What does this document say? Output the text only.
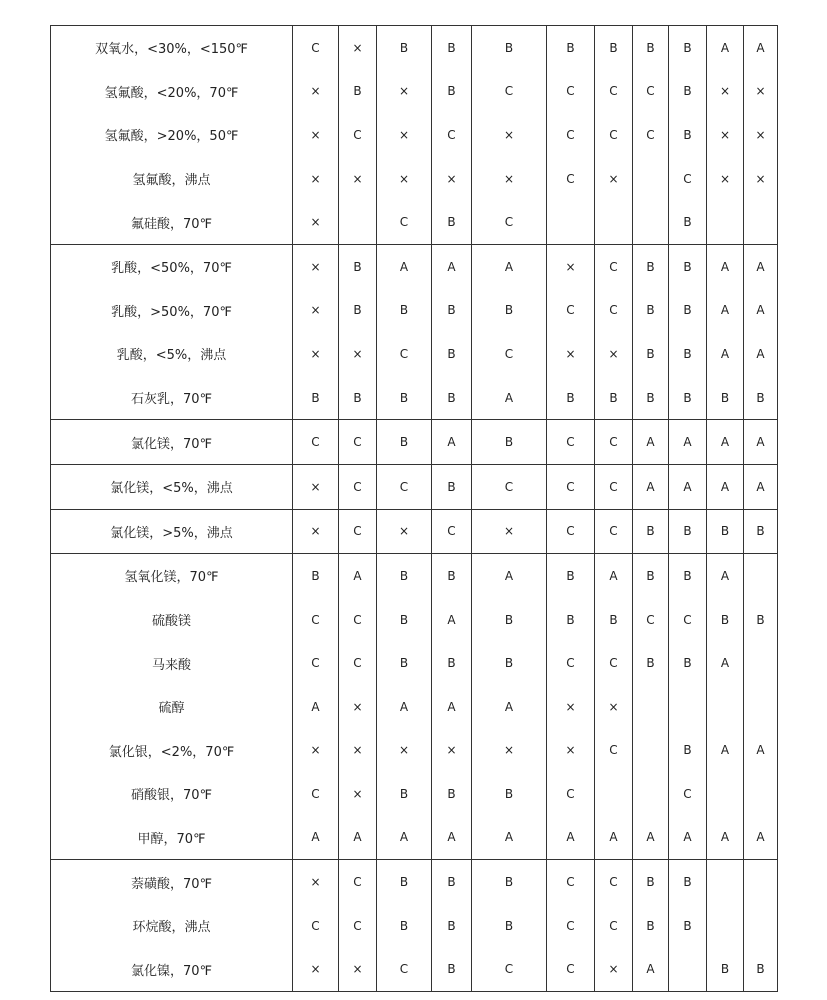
双氧水，<30%，<150℉	C	×	B	B	B	B	B	B	B	A	A
氢氟酸，<20%，70℉	×	B	×	B	C	C	C	C	B	×	×
氢氟酸，>20%，50℉	×	C	×	C	×	C	C	C	B	×	×
氢氟酸，沸点	×	×	×	×	×	C	×		C	×	×
氟硅酸，70℉	×		C	B	C				B		
乳酸，<50%，70℉	×	B	A	A	A	×	C	B	B	A	A
乳酸，>50%，70℉	×	B	B	B	B	C	C	B	B	A	A
乳酸，<5%，沸点	×	×	C	B	C	×	×	B	B	A	A
石灰乳，70℉	B	B	B	B	A	B	B	B	B	B	B
氯化镁，70℉	C	C	B	A	B	C	C	A	A	A	A
氯化镁，<5%，沸点	×	C	C	B	C	C	C	A	A	A	A
氯化镁，>5%，沸点	×	C	×	C	×	C	C	B	B	B	B
氢氧化镁，70℉	B	A	B	B	A	B	A	B	B	A	
硫酸镁	C	C	B	A	B	B	B	C	C	B	B
马来酸	C	C	B	B	B	C	C	B	B	A	
硫醇	A	×	A	A	A	×	×				
氯化银，<2%，70℉	×	×	×	×	×	×	C		B	A	A
硝酸银，70℉	C	×	B	B	B	C			C		
甲醇，70℉	A	A	A	A	A	A	A	A	A	A	A
萘磺酸，70℉	×	C	B	B	B	C	C	B	B		
环烷酸，沸点	C	C	B	B	B	C	C	B	B		
氯化镍，70℉	×	×	C	B	C	C	×	A		B	B
